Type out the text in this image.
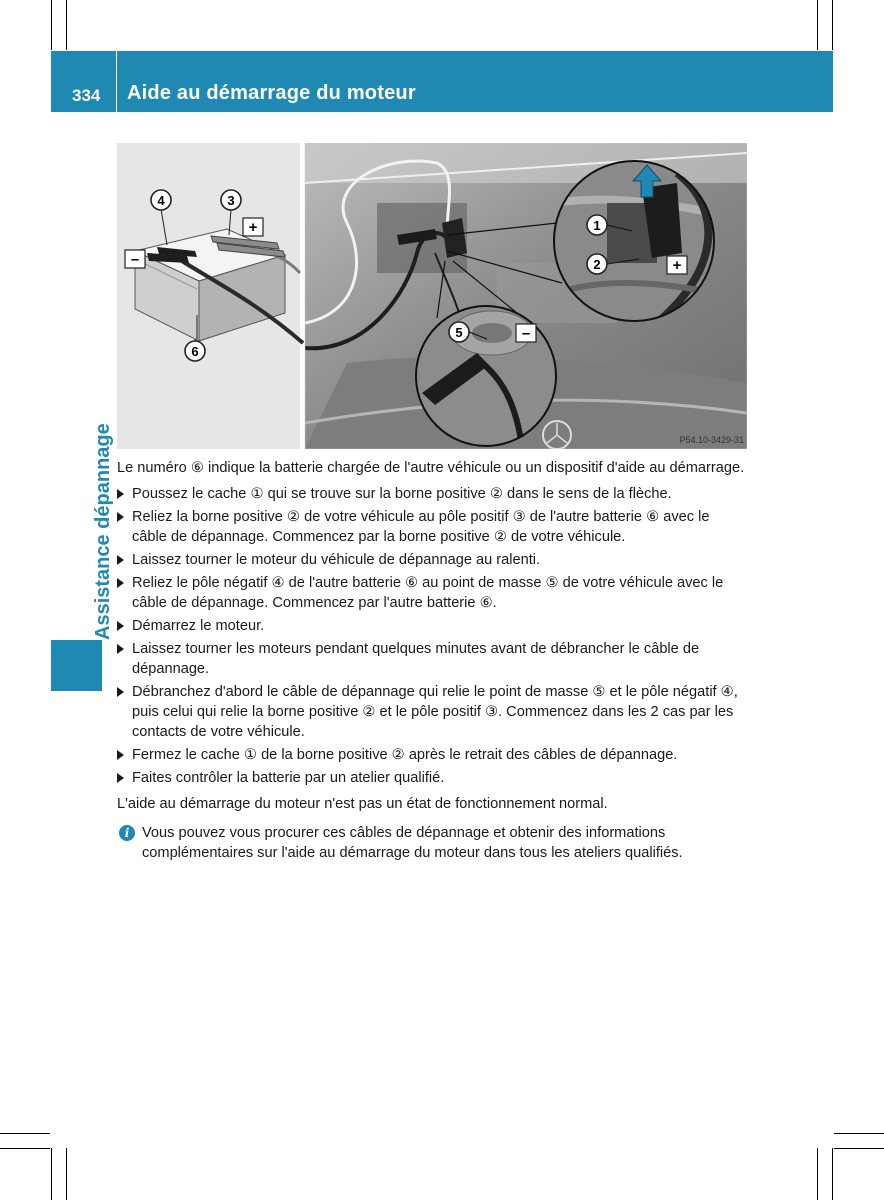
334 Aide au démarrage du moteur
Assistance dépannage
4	3
6
+
–
1
2	+
5	–
P54.10-3429-31

Le numéro ⑥ indique la batterie chargée de l'autre véhicule ou un dispositif d'aide au démarrage.

Poussez le cache ① qui se trouve sur la borne positive ② dans le sens de la flèche.
Reliez la borne positive ② de votre véhicule au pôle positif ③ de l'autre batterie ⑥ avec le câble de dépannage. Commencez par la borne positive ② de votre véhicule.
Laissez tourner le moteur du véhicule de dépannage au ralenti.
Reliez le pôle négatif ④ de l'autre batterie ⑥ au point de masse ⑤ de votre véhicule avec le câble de dépannage. Commencez par l'autre batterie ⑥.
Démarrez le moteur.
Laissez tourner les moteurs pendant quelques minutes avant de débrancher le câble de dépannage.
Débranchez d'abord le câble de dépannage qui relie le point de masse ⑤ et le pôle négatif ④, puis celui qui relie la borne positive ② et le pôle positif ③. Commencez dans les 2 cas par les contacts de votre véhicule.
Fermez le cache ① de la borne positive ② après le retrait des câbles de dépannage.
Faites contrôler la batterie par un atelier qualifié.

L'aide au démarrage du moteur n'est pas un état de fonctionnement normal.

i Vous pouvez vous procurer ces câbles de dépannage et obtenir des informations complémentaires sur l'aide au démarrage du moteur dans tous les ateliers qualifiés.
